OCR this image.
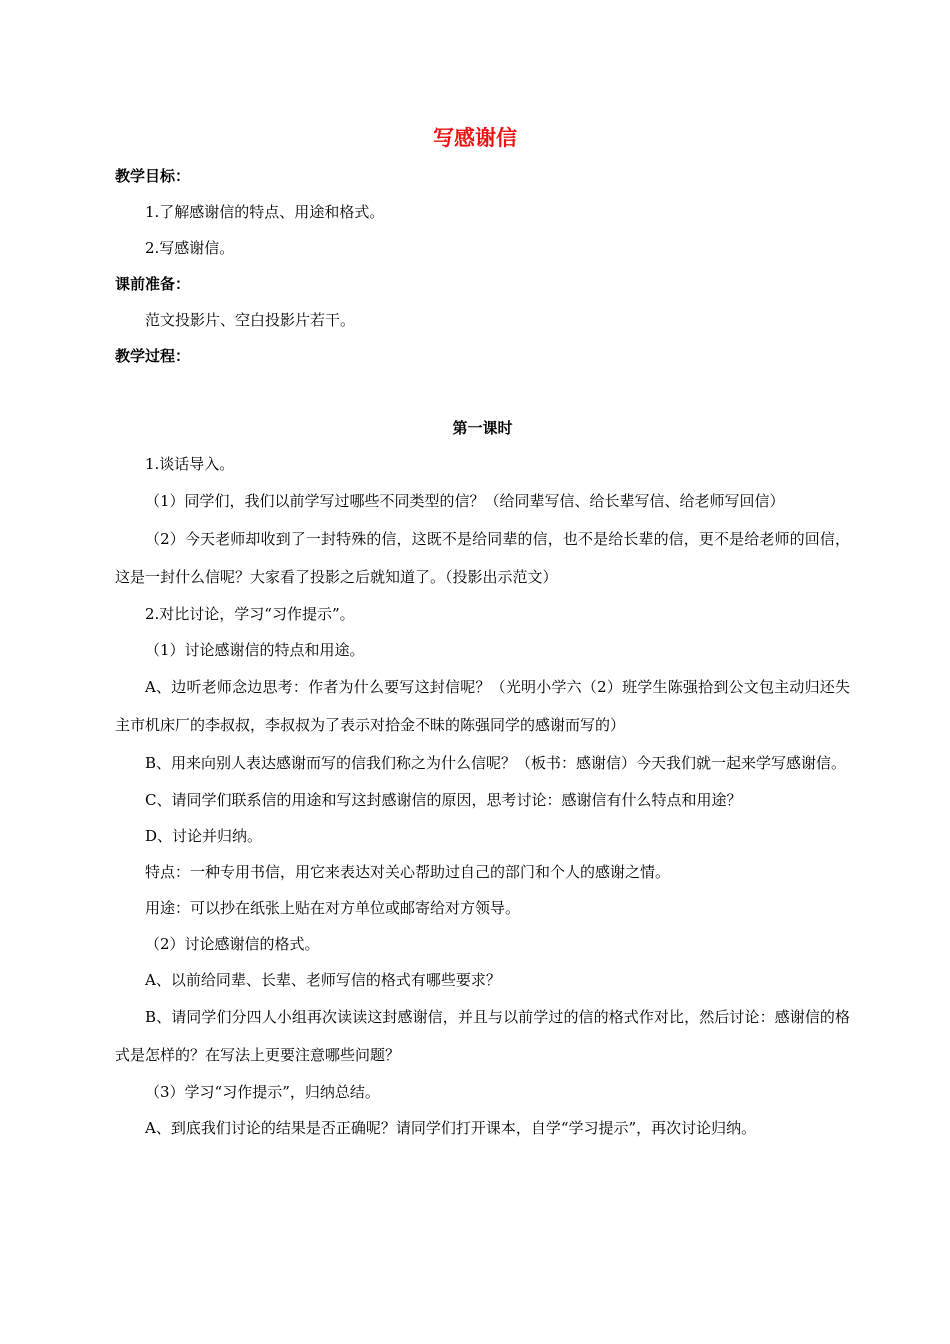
写感谢信
教学目标：

1.了解感谢信的特点、用途和格式。

2.写感谢信。

课前准备：

范文投影片、空白投影片若干。

教学过程：
第一课时

1.谈话导入。

（1）同学们，我们以前学写过哪些不同类型的信？（给同辈写信、给长辈写信、给老师写回信）

（2）今天老师却收到了一封特殊的信，这既不是给同辈的信，也不是给长辈的信，更不是给老师的回信，这是一封什么信呢？大家看了投影之后就知道了。（投影出示范文）

2.对比讨论，学习“习作提示”。

（1）讨论感谢信的特点和用途。

A、边听老师念边思考：作者为什么要写这封信呢？（光明小学六（2）班学生陈强拾到公文包主动归还失主市机床厂的李叔叔，李叔叔为了表示对拾金不昧的陈强同学的感谢而写的）

B、用来向别人表达感谢而写的信我们称之为什么信呢？（板书：感谢信）今天我们就一起来学写感谢信。

C、请同学们联系信的用途和写这封感谢信的原因，思考讨论：感谢信有什么特点和用途？

D、讨论并归纳。

特点：一种专用书信，用它来表达对关心帮助过自己的部门和个人的感谢之情。

用途：可以抄在纸张上贴在对方单位或邮寄给对方领导。

（2）讨论感谢信的格式。

A、以前给同辈、长辈、老师写信的格式有哪些要求？

B、请同学们分四人小组再次读读这封感谢信，并且与以前学过的信的格式作对比，然后讨论：感谢信的格式是怎样的？在写法上更要注意哪些问题？

（3）学习“习作提示”，归纳总结。

A、到底我们讨论的结果是否正确呢？请同学们打开课本，自学“学习提示”，再次讨论归纳。
